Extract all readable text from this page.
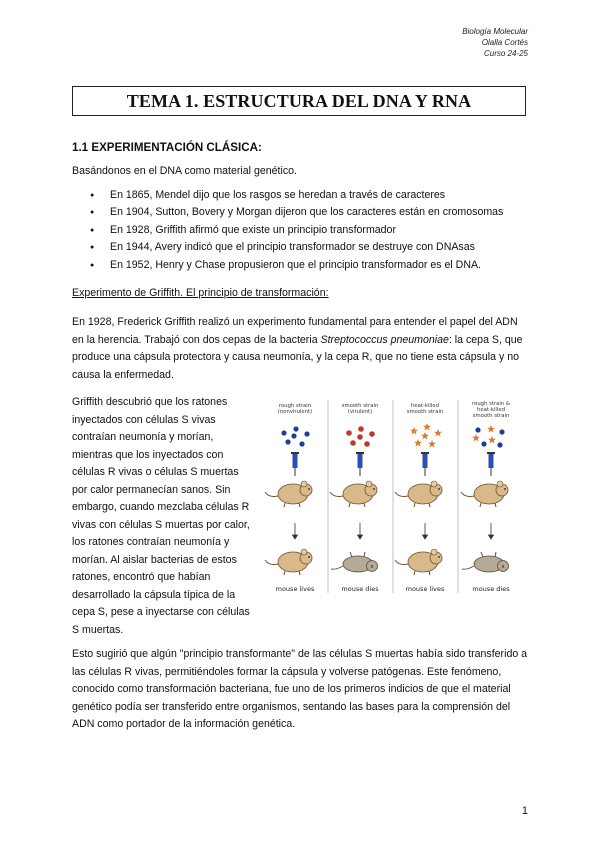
Biología Molecular
Olalla Cortés
Curso 24-25
TEMA 1. ESTRUCTURA DEL DNA Y RNA
1.1 EXPERIMENTACIÓN CLÁSICA:
Basándonos en el DNA como material genético.
● En 1865, Mendel dijo que los rasgos se heredan a través de caracteres
● En 1904, Sutton, Bovery y Morgan dijeron que los caracteres están en cromosomas
● En 1928, Griffith afirmó que existe un principio transformador
● En 1944, Avery indicó que el principio transformador se destruye con DNAsas
● En 1952, Henry y Chase propusieron que el principio transformador es el DNA.
Experimento de Griffith. El principio de transformación:
En 1928, Frederick Griffith realizó un experimento fundamental para entender el papel del ADN en la herencia. Trabajó con dos cepas de la bacteria Streptococcus pneumoniae: la cepa S, que produce una cápsula protectora y causa neumonía, y la cepa R, que no tiene esta cápsula y no causa la enfermedad.
Griffith descubrió que los ratones inyectados con células S vivas contraían neumonía y morían, mientras que los inyectados con células R vivas o células S muertas por calor permanecían sanos. Sin embargo, cuando mezclaba células R vivas con células S muertas por calor, los ratones contraían neumonía y morían. Al aislar bacterias de estos ratones, encontró que habían desarrollado la cápsula típica de la cepa S, pese a inyectarse con células S muertas.
x
rough strain
(nonvirulent)
smooth strain
(virulent)
heat-killed
smooth strain
rough strain &
heat-killed
smooth strain
mouse lives	mouse dies	mouse lives	mouse dies
Esto sugirió que algún "principio transformante" de las células S muertas había sido transferido a las células R vivas, permitiéndoles formar la cápsula y volverse patógenas. Este fenómeno, conocido como transformación bacteriana, fue uno de los primeros indicios de que el material genético podía ser transferido entre organismos, sentando las bases para la comprensión del ADN como portador de la información genética.
1
